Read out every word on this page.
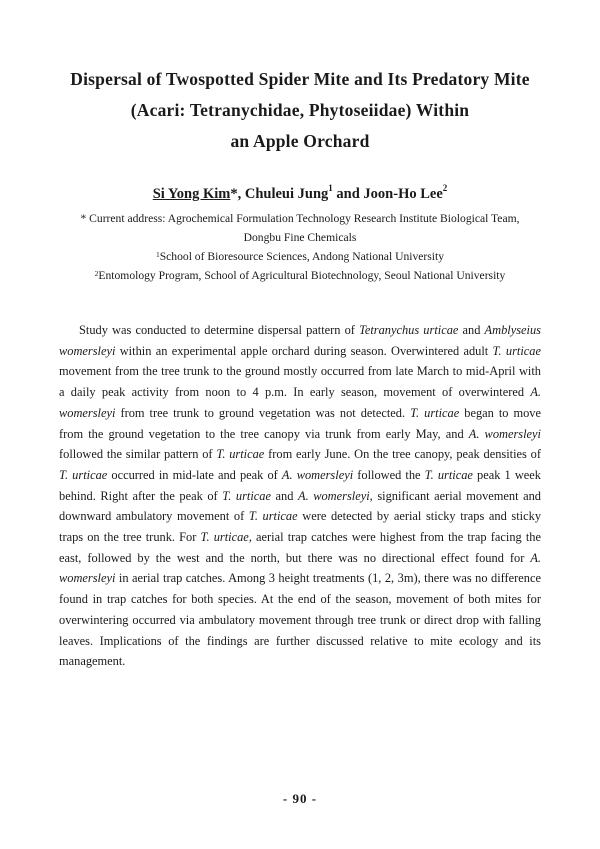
Dispersal of Twospotted Spider Mite and Its Predatory Mite
(Acari: Tetranychidae, Phytoseiidae) Within
an Apple Orchard
Si Yong Kim*, Chuleui Jung$^1$ and Joon-Ho Lee$^2$
* Current address: Agrochemical Formulation Technology Research Institute Biological Team,
Dongbu Fine Chemicals
$^1$School of Bioresource Sciences, Andong National University
$^2$Entomology Program, School of Agricultural Biotechnology, Seoul National University

Study was conducted to determine dispersal pattern of Tetranychus urticae and Amblyseius womersleyi within an experimental apple orchard during season. Overwintered adult T. urticae movement from the tree trunk to the ground mostly occurred from late March to mid-April with a daily peak activity from noon to 4 p.m. In early season, movement of overwintered A. womersleyi from tree trunk to ground vegetation was not detected. T. urticae began to move from the ground vegetation to the tree canopy via trunk from early May, and A. womersleyi followed the similar pattern of T. urticae from early June. On the tree canopy, peak densities of T. urticae occurred in mid-late and peak of A. womersleyi followed the T. urticae peak 1 week behind. Right after the peak of T. urticae and A. womersleyi, significant aerial movement and downward ambulatory movement of T. urticae were detected by aerial sticky traps and sticky traps on the tree trunk. For T. urticae, aerial trap catches were highest from the trap facing the east, followed by the west and the north, but there was no directional effect found for A. womersleyi in aerial trap catches. Among 3 height treatments (1, 2, 3m), there was no difference found in trap catches for both species. At the end of the season, movement of both mites for overwintering occurred via ambulatory movement through tree trunk or direct drop with falling leaves. Implications of the findings are further discussed relative to mite ecology and its management.

- 90 -
